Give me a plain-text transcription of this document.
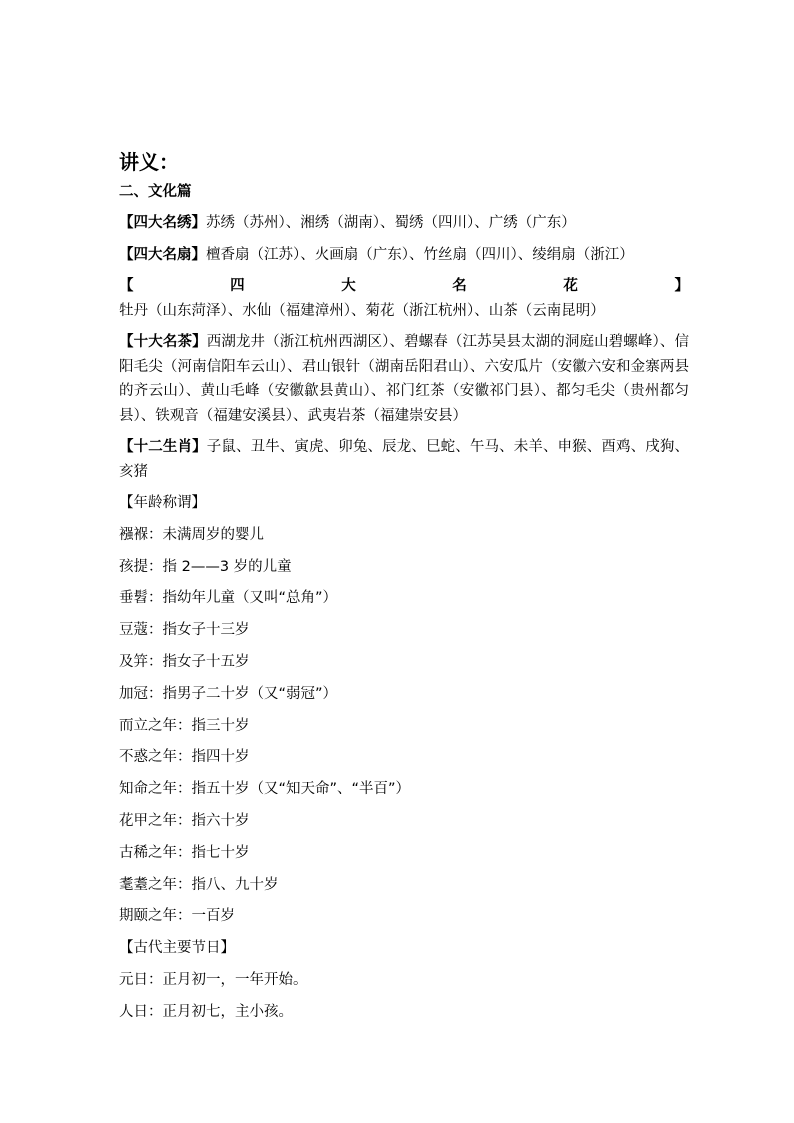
讲义：
二、文化篇

【四大名绣】苏绣（苏州）、湘绣（湖南）、蜀绣（四川）、广绣（广东）

【四大名扇】檀香扇（江苏）、火画扇（广东）、竹丝扇（四川）、绫绢扇（浙江）

【四大名花】牡丹（山东菏泽）、水仙（福建漳州）、菊花（浙江杭州）、山茶（云南昆明）

【十大名茶】西湖龙井（浙江杭州西湖区）、碧螺春（江苏吴县太湖的洞庭山碧螺峰）、信阳毛尖（河南信阳车云山）、君山银针（湖南岳阳君山）、六安瓜片（安徽六安和金寨两县的齐云山）、黄山毛峰（安徽歙县黄山）、祁门红茶（安徽祁门县）、都匀毛尖（贵州都匀县）、铁观音（福建安溪县）、武夷岩茶（福建崇安县）

【十二生肖】子鼠、丑牛、寅虎、卯兔、辰龙、巳蛇、午马、未羊、申猴、酉鸡、戌狗、亥猪

【年龄称谓】
襁褓：未满周岁的婴儿
孩提：指 2——3 岁的儿童
垂髫：指幼年儿童（又叫“总角”）
豆蔻：指女子十三岁
及笄：指女子十五岁
加冠：指男子二十岁（又“弱冠”）
而立之年：指三十岁
不惑之年：指四十岁
知命之年：指五十岁（又“知天命”、“半百”）
花甲之年：指六十岁
古稀之年：指七十岁
耄耋之年：指八、九十岁
期颐之年：一百岁
【古代主要节日】
元日：正月初一，一年开始。
人日：正月初七，主小孩。
